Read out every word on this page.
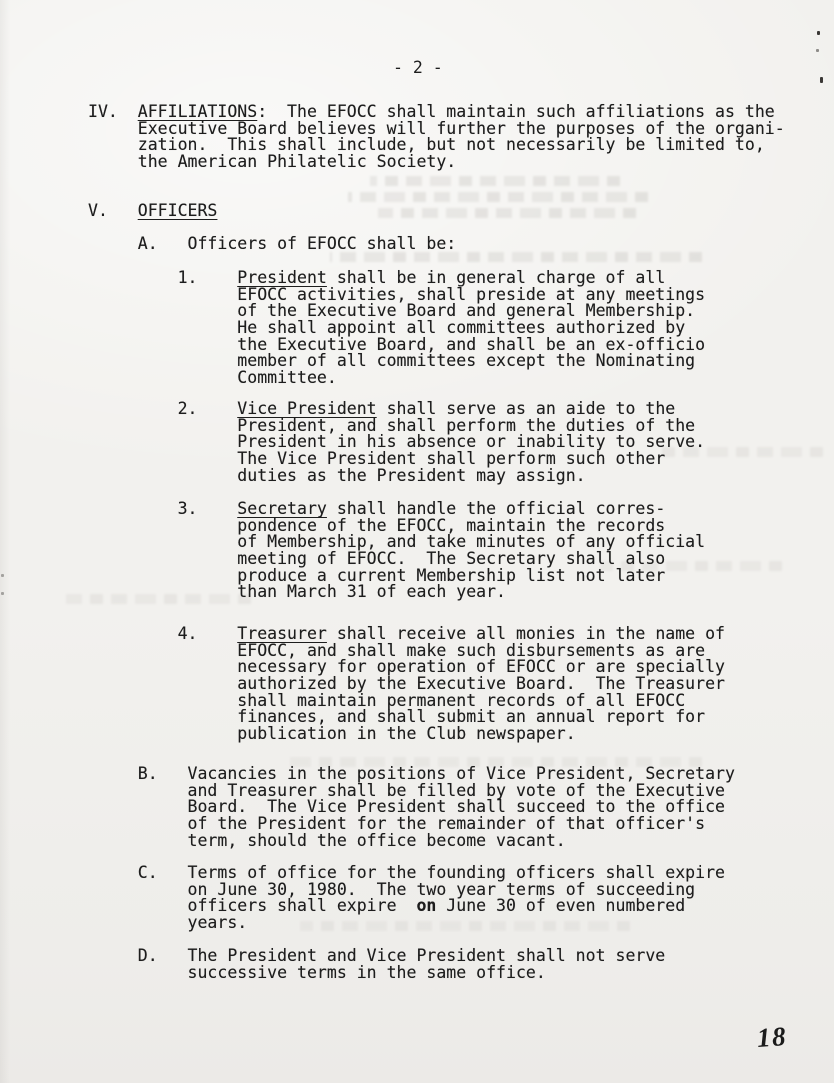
- 2 -
IV.  AFFILIATIONS:  The EFOCC shall maintain such affiliations as the
Executive Board believes will further the purposes of the organi-
zation.  This shall include, but not necessarily be limited to,
the American Philatelic Society.
V.   OFFICERS
A.   Officers of EFOCC shall be:
1.    President shall be in general charge of all
EFOCC activities, shall preside at any meetings
of the Executive Board and general Membership.
He shall appoint all committees authorized by
the Executive Board, and shall be an ex-officio
member of all committees except the Nominating
Committee.
2.    Vice President shall serve as an aide to the
President, and shall perform the duties of the
President in his absence or inability to serve.
The Vice President shall perform such other
duties as the President may assign.
3.    Secretary shall handle the official corres-
pondence of the EFOCC, maintain the records
of Membership, and take minutes of any official
meeting of EFOCC.  The Secretary shall also
produce a current Membership list not later
than March 31 of each year.
4.    Treasurer shall receive all monies in the name of
EFOCC, and shall make such disbursements as are
necessary for operation of EFOCC or are specially
authorized by the Executive Board.  The Treasurer
shall maintain permanent records of all EFOCC
finances, and shall submit an annual report for
publication in the Club newspaper.
B.   Vacancies in the positions of Vice President, Secretary
and Treasurer shall be filled by vote of the Executive
Board.  The Vice President shall succeed to the office
of the President for the remainder of that officer's
term, should the office become vacant.
C.   Terms of office for the founding officers shall expire
on June 30, 1980.  The two year terms of succeeding
officers shall expire  on June 30 of even numbered
years.
D.   The President and Vice President shall not serve
successive terms in the same office.
18
